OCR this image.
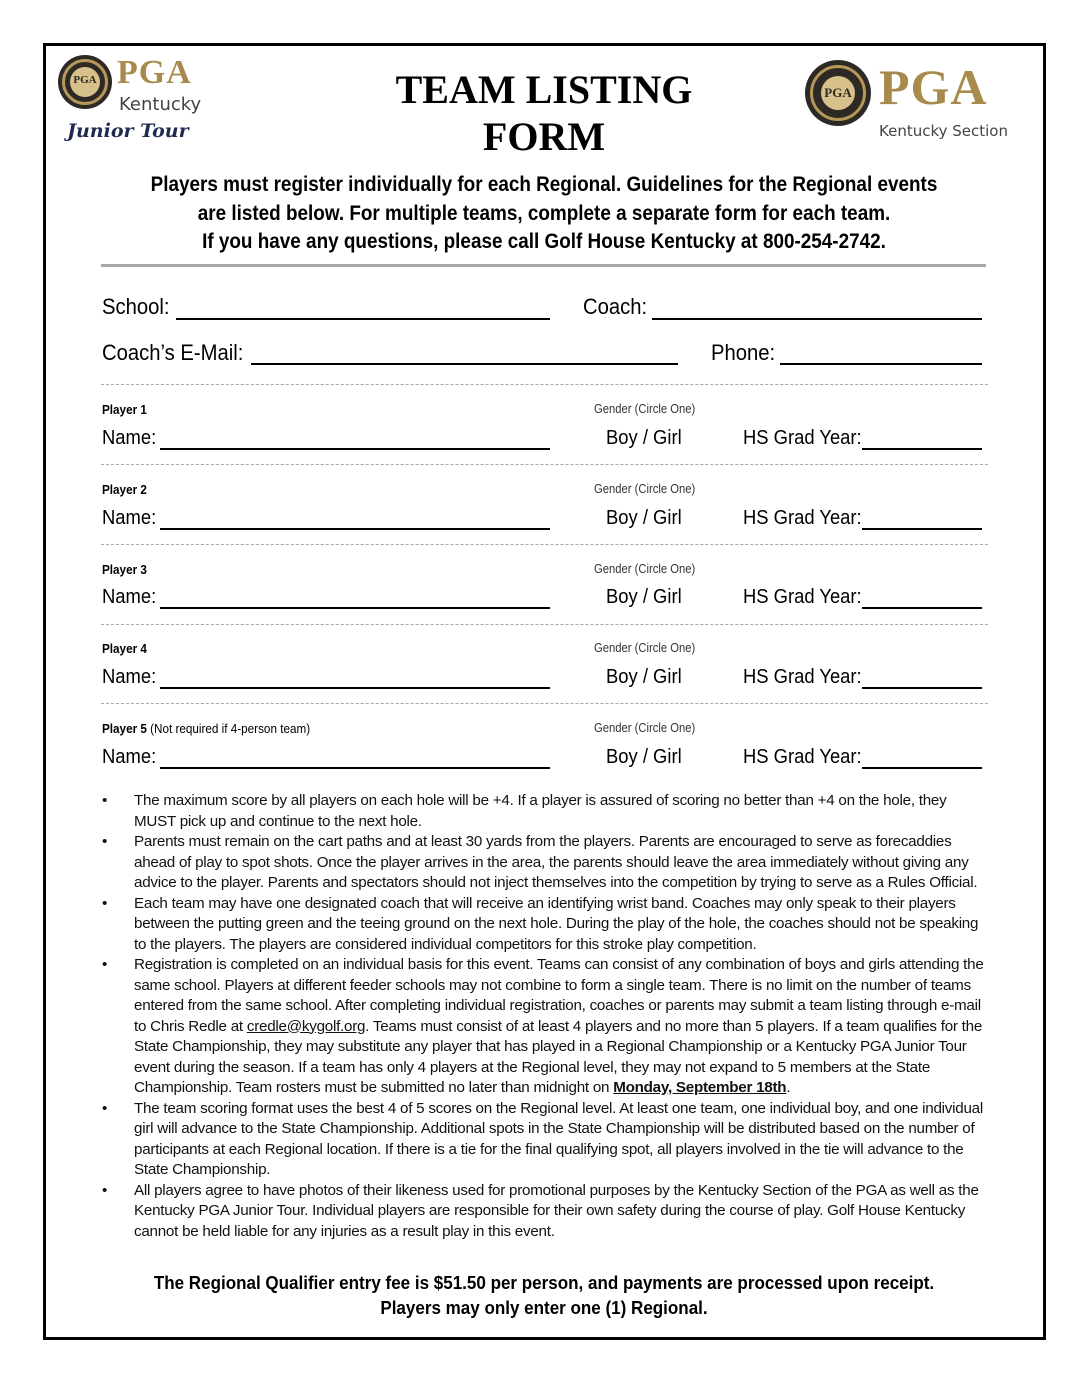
PGA PGA
Kentucky
Junior Tour
TEAM LISTING
FORM
PGA PGA
Kentucky Section
Players must register individually for each Regional. Guidelines for the Regional events
are listed below. For multiple teams, complete a separate form for each team.
If you have any questions, please call Golf House Kentucky at 800-254-2742.
School:	Coach:
Coach’s E-Mail:	Phone:
Player 1	Gender (Circle One)
Name:	Boy / Girl	HS Grad Year:
Player 2	Gender (Circle One)
Name:	Boy / Girl	HS Grad Year:
Player 3	Gender (Circle One)
Name:	Boy / Girl	HS Grad Year:
Player 4	Gender (Circle One)
Name:	Boy / Girl	HS Grad Year:
Player 5 (Not required if 4-person team)	Gender (Circle One)
Name:	Boy / Girl	HS Grad Year:
• The maximum score by all players on each hole will be +4. If a player is assured of scoring no better than +4 on the hole, they MUST pick up and continue to the next hole.
• Parents must remain on the cart paths and at least 30 yards from the players. Parents are encouraged to serve as forecaddies ahead of play to spot shots. Once the player arrives in the area, the parents should leave the area immediately without giving any advice to the player. Parents and spectators should not inject themselves into the competition by trying to serve as a Rules Official.
• Each team may have one designated coach that will receive an identifying wrist band. Coaches may only speak to their players between the putting green and the teeing ground on the next hole. During the play of the hole, the coaches should not be speaking to the players. The players are considered individual competitors for this stroke play competition.
• Registration is completed on an individual basis for this event. Teams can consist of any combination of boys and girls attending the same school. Players at different feeder schools may not combine to form a single team. There is no limit on the number of teams entered from the same school. After completing individual registration, coaches or parents may submit a team listing through e-mail to Chris Redle at credle@kygolf.org. Teams must consist of at least 4 players and no more than 5 players. If a team qualifies for the State Championship, they may substitute any player that has played in a Regional Championship or a Kentucky PGA Junior Tour event during the season. If a team has only 4 players at the Regional level, they may not expand to 5 members at the State Championship. Team rosters must be submitted no later than midnight on Monday, September 18th.
• The team scoring format uses the best 4 of 5 scores on the Regional level. At least one team, one individual boy, and one individual girl will advance to the State Championship. Additional spots in the State Championship will be distributed based on the number of participants at each Regional location. If there is a tie for the final qualifying spot, all players involved in the tie will advance to the State Championship.
• All players agree to have photos of their likeness used for promotional purposes by the Kentucky Section of the PGA as well as the Kentucky PGA Junior Tour. Individual players are responsible for their own safety during the course of play. Golf House Kentucky cannot be held liable for any injuries as a result play in this event.
The Regional Qualifier entry fee is $51.50 per person, and payments are processed upon receipt.
Players may only enter one (1) Regional.
